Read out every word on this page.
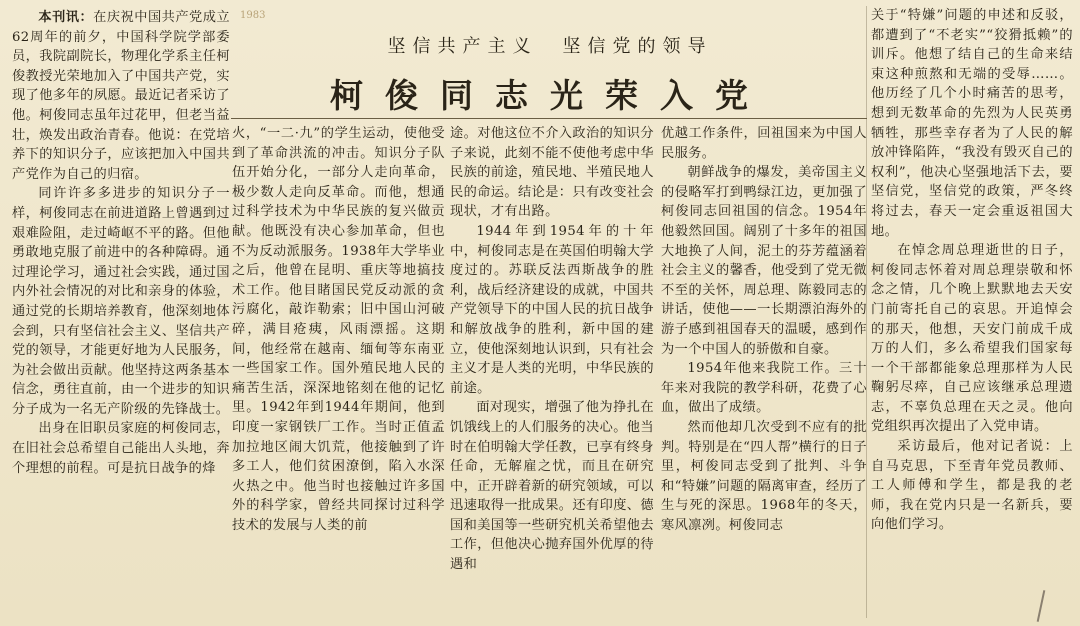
坚信共产主义　坚信党的领导
柯俊同志光荣入党
1983

本刊讯：在庆祝中国共产党成立62周年的前夕，中国科学院学部委员，我院副院长，物理化学系主任柯俊教授光荣地加入了中国共产党，实现了他多年的夙愿。最近记者采访了他。柯俊同志虽年过花甲，但老当益壮，焕发出政治青春。他说：在党培养下的知识分子，应该把加入中国共产党作为自己的归宿。

同许许多多进步的知识分子一样，柯俊同志在前进道路上曾遇到过艰难险阻，走过崎岖不平的路。但他勇敢地克服了前进中的各种障碍。通过理论学习，通过社会实践，通过国内外社会情况的对比和亲身的体验，通过党的长期培养教育，他深刻地体会到，只有坚信社会主义、坚信共产党的领导，才能更好地为人民服务，为社会做出贡献。他坚持这两条基本信念，勇往直前，由一个进步的知识分子成为一名无产阶级的先锋战士。

出身在旧职员家庭的柯俊同志，在旧社会总希望自己能出人头地，奔个理想的前程。可是抗日战争的烽

火，“一二·九”的学生运动，使他受到了革命洪流的冲击。知识分子队伍开始分化，一部分人走向革命，极少数人走向反革命。而他，想通过科学技术为中华民族的复兴做贡献。他既没有决心参加革命，但也不为反动派服务。1938年大学毕业之后，他曾在昆明、重庆等地搞技术工作。他目睹国民党反动派的贪污腐化，敲诈勒索；旧中国山河破碎，满目疮痍，风雨漂摇。这期间，他经常在越南、缅甸等东南亚一些国家工作。国外殖民地人民的痛苦生活，深深地铭刻在他的记忆里。1942年到1944年期间，他到印度一家钢铁厂工作。当时正值孟加拉地区闹大饥荒，他接触到了许多工人，他们贫困潦倒，陷入水深火热之中。他当时也接触过许多国外的科学家，曾经共同探讨过科学技术的发展与人类的前

途。对他这位不介入政治的知识分子来说，此刻不能不使他考虑中华民族的前途，殖民地、半殖民地人民的命运。结论是：只有改变社会现状，才有出路。

1944年到1954年的十年中，柯俊同志是在英国伯明翰大学度过的。苏联反法西斯战争的胜利，战后经济建设的成就，中国共产党领导下的中国人民的抗日战争和解放战争的胜利，新中国的建立，使他深刻地认识到，只有社会主义才是人类的光明，中华民族的前途。

面对现实，增强了他为挣扎在饥饿线上的人们服务的决心。他当时在伯明翰大学任教，已享有终身任命，无解雇之忧，而且在研究中，正开辟着新的研究领域，可以迅速取得一批成果。还有印度、德国和美国等一些研究机关希望他去工作，但他决心抛弃国外优厚的待遇和

优越工作条件，回祖国来为中国人民服务。

朝鲜战争的爆发，美帝国主义的侵略军打到鸭绿江边，更加强了柯俊同志回祖国的信念。1954年他毅然回国。阔别了十多年的祖国大地换了人间，泥土的芬芳蕴涵着社会主义的馨香，他受到了党无微不至的关怀，周总理、陈毅同志的讲话，使他——一长期漂泊海外的游子感到祖国春天的温暖，感到作为一个中国人的骄傲和自豪。

1954年他来我院工作。三十年来对我院的教学科研，花费了心血，做出了成绩。

然而他却几次受到不应有的批判。特别是在“四人帮”横行的日子里，柯俊同志受到了批判、斗争和“特嫌”问题的隔离审查，经历了生与死的深思。1968年的冬天，寒风凛冽。柯俊同志

关于“特嫌”问题的申述和反驳，都遭到了“不老实”“狡猾抵赖”的训斥。他想了结自己的生命来结束这种煎熬和无端的受辱……。他历经了几个小时痛苦的思考，想到无数革命的先烈为人民英勇牺牲，那些幸存者为了人民的解放冲锋陷阵，“我没有毁灭自己的权利”，他决心坚强地活下去，要坚信党，坚信党的政策，严冬终将过去，春天一定会重返祖国大地。

在悼念周总理逝世的日子，柯俊同志怀着对周总理崇敬和怀念之情，几个晚上默默地去天安门前寄托自己的哀思。开追悼会的那天，他想，天安门前成千成万的人们，多么希望我们国家每一个干部都能象总理那样为人民鞠躬尽瘁，自己应该继承总理遗志，不辜负总理在天之灵。他向党组织再次提出了入党申请。

采访最后，他对记者说：上自马克思，下至青年党员教师、工人师傅和学生，都是我的老师，我在党内只是一名新兵，要向他们学习。
